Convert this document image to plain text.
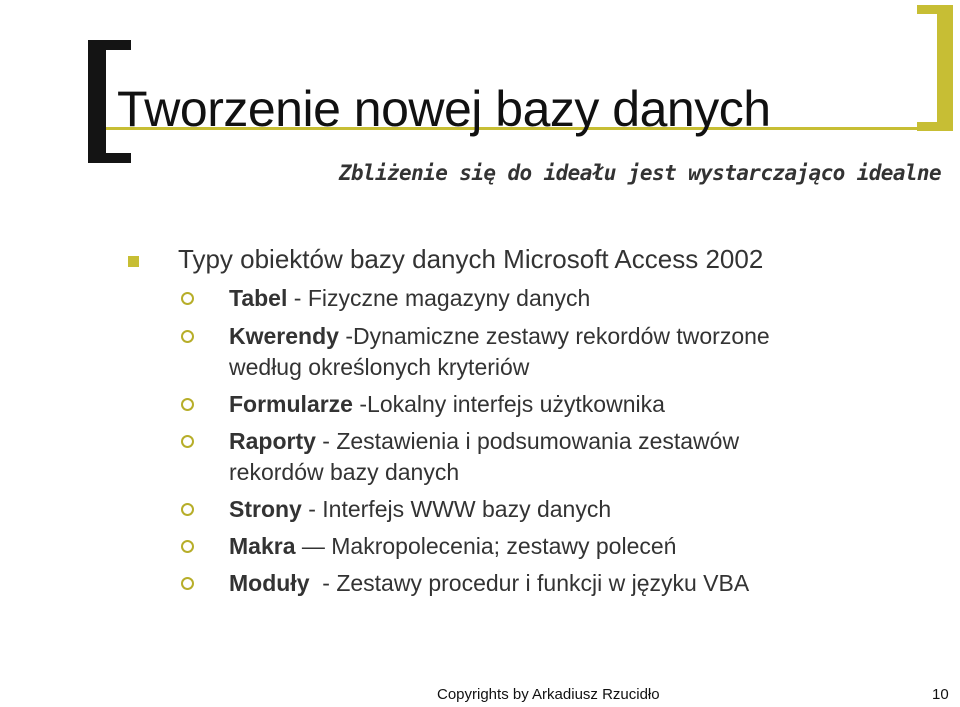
Tworzenie nowej bazy danych
Zbliżenie się do ideału jest wystarczająco idealne
Typy obiektów bazy danych Microsoft Access 2002
Tabel - Fizyczne magazyny danych
Kwerendy -Dynamiczne zestawy rekordów tworzone
według określonych kryteriów
Formularze -Lokalny interfejs użytkownika
Raporty - Zestawienia i podsumowania zestawów
rekordów bazy danych
Strony - Interfejs WWW bazy danych
Makra — Makropolecenia; zestawy poleceń
Moduły  - Zestawy procedur i funkcji w języku VBA
Copyrights by Arkadiusz Rzucidło	10
